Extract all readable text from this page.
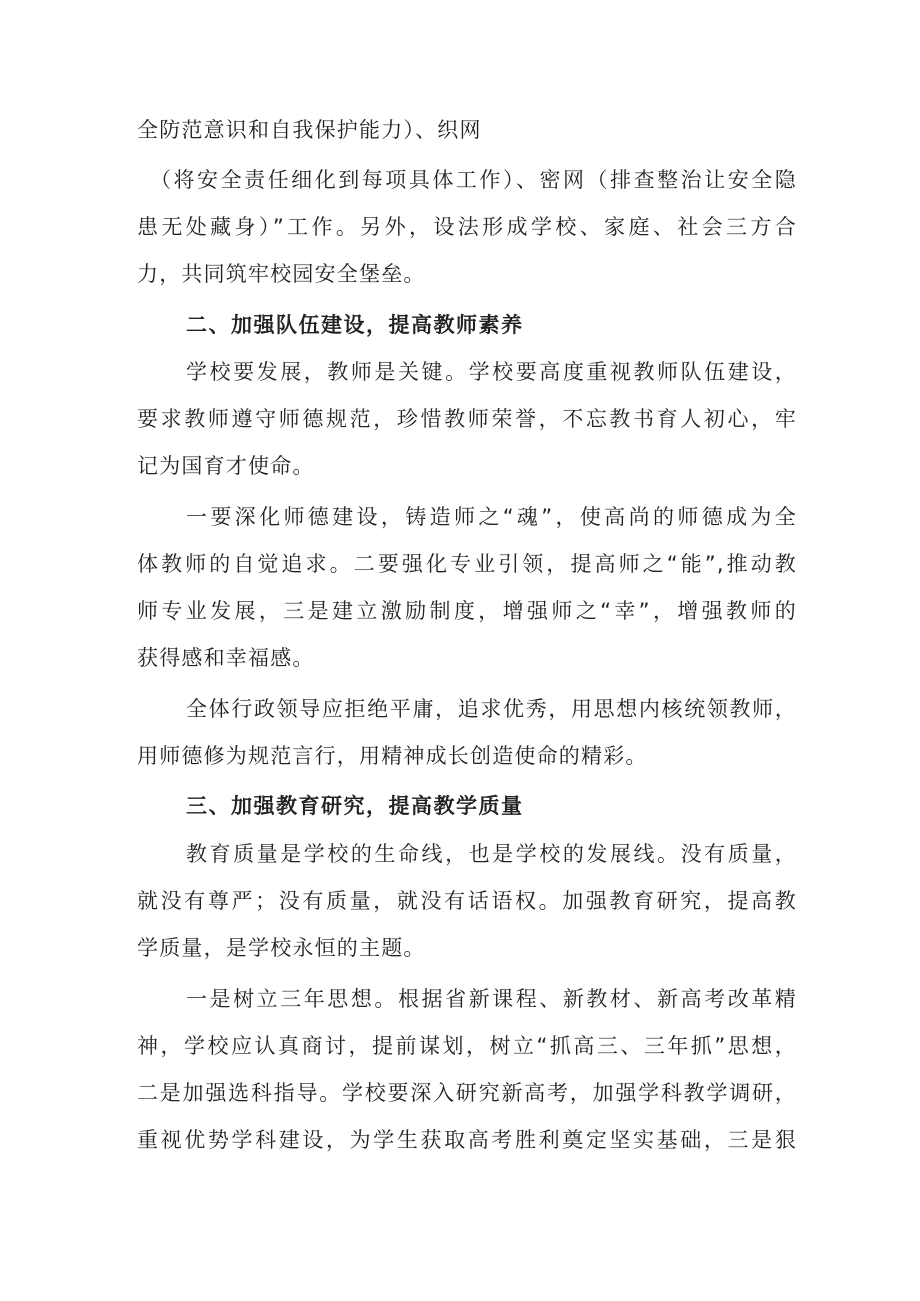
全防范意识和自我保护能力）、织网
（将安全责任细化到每项具体工作）、密网（排查整治让安全隐
患无处藏身）”工作。另外，设法形成学校、家庭、社会三方合
力，共同筑牢校园安全堡垒。
二、加强队伍建设，提高教师素养
学校要发展，教师是关键。学校要高度重视教师队伍建设，
要求教师遵守师德规范，珍惜教师荣誉，不忘教书育人初心，牢
记为国育才使命。
一要深化师德建设，铸造师之“魂”，使高尚的师德成为全
体教师的自觉追求。二要强化专业引领，提高师之“能”,推动教
师专业发展，三是建立激励制度，增强师之“幸”，增强教师的
获得感和幸福感。
全体行政领导应拒绝平庸，追求优秀，用思想内核统领教师，
用师德修为规范言行，用精神成长创造使命的精彩。
三、加强教育研究，提高教学质量
教育质量是学校的生命线，也是学校的发展线。没有质量，
就没有尊严；没有质量，就没有话语权。加强教育研究，提高教
学质量，是学校永恒的主题。
一是树立三年思想。根据省新课程、新教材、新高考改革精
神，学校应认真商讨，提前谋划，树立“抓高三、三年抓”思想，
二是加强选科指导。学校要深入研究新高考，加强学科教学调研，
重视优势学科建设，为学生获取高考胜利奠定坚实基础，三是狠
